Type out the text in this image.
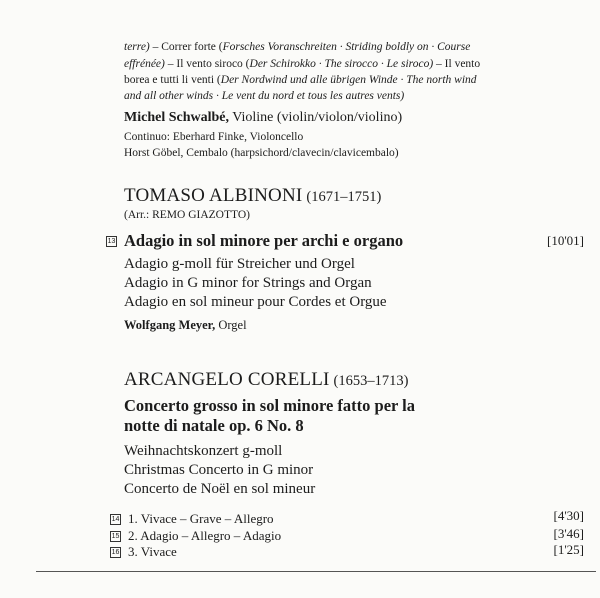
terre) – Correr forte (Forsches Voranschreiten · Striding boldly on · Course
effrénée) – Il vento siroco (Der Schirokko · The sirocco · Le siroco) – Il vento
borea e tutti li venti (Der Nordwind und alle übrigen Winde · The north wind
and all other winds · Le vent du nord et tous les autres vents)
Michel Schwalbé, Violine (violin/violon/violino)
Continuo: Eberhard Finke, Violoncello
Horst Göbel, Cembalo (harpsichord/clavecin/clavicembalo)
TOMASO ALBINONI (1671–1751)
(Arr.: REMO GIAZOTTO)
13 Adagio in sol minore per archi e organo	[10'01]
Adagio g-moll für Streicher und Orgel
Adagio in G minor for Strings and Organ
Adagio en sol mineur pour Cordes et Orgue
Wolfgang Meyer, Orgel
ARCANGELO CORELLI (1653–1713)
Concerto grosso in sol minore fatto per la
notte di natale op. 6 No. 8
Weihnachtskonzert g-moll
Christmas Concerto in G minor
Concerto de Noël en sol mineur
14 1. Vivace – Grave – Allegro	[4'30]
15 2. Adagio – Allegro – Adagio	[3'46]
16 3. Vivace	[1'25]
